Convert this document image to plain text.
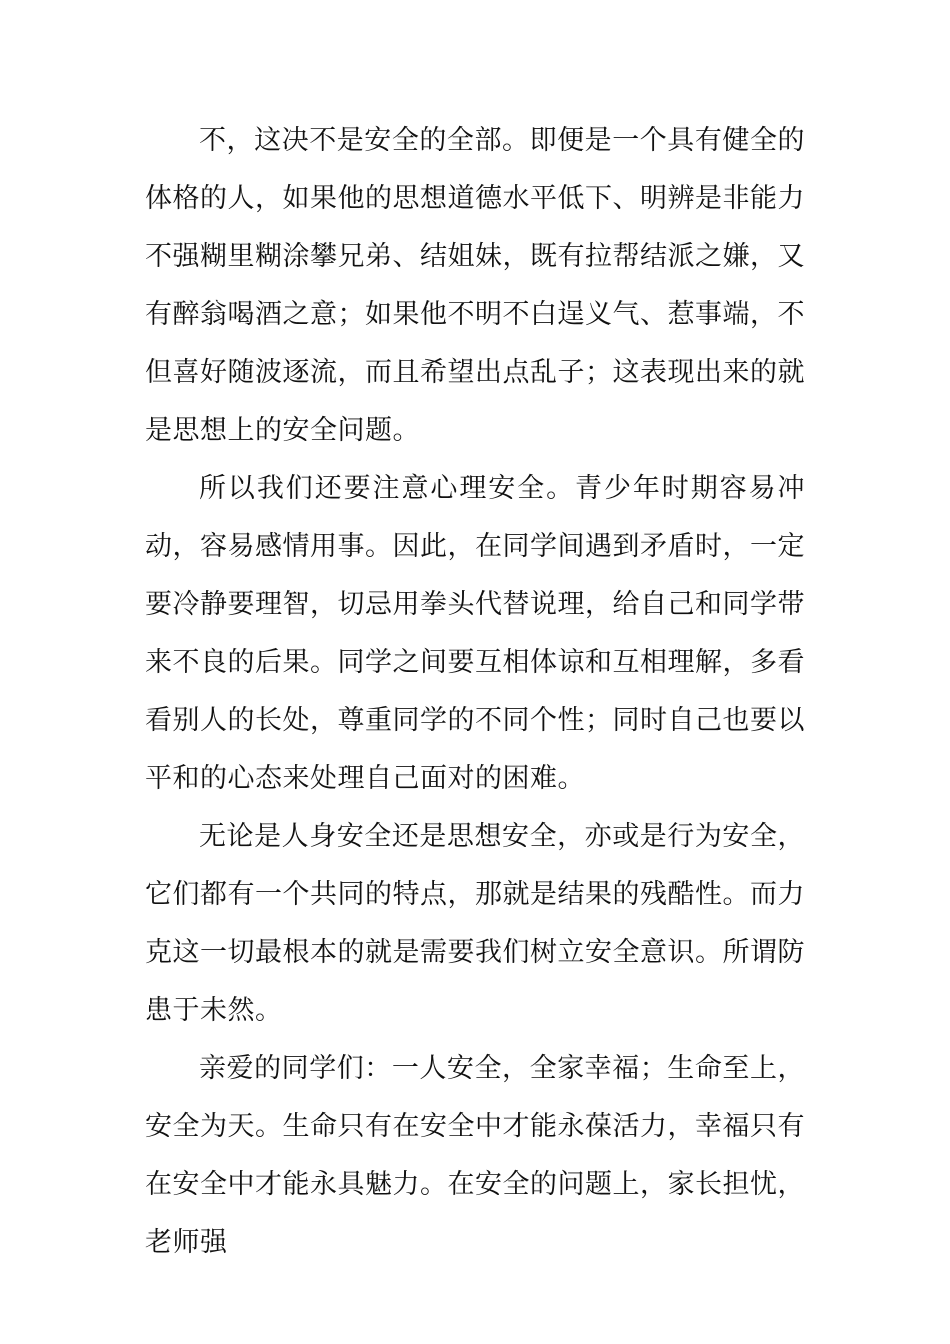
不，这决不是安全的全部。即便是一个具有健全的体格的人，如果他的思想道德水平低下、明辨是非能力不强糊里糊涂攀兄弟、结姐妹，既有拉帮结派之嫌，又有醉翁喝酒之意；如果他不明不白逞义气、惹事端，不但喜好随波逐流，而且希望出点乱子；这表现出来的就是思想上的安全问题。

所以我们还要注意心理安全。青少年时期容易冲动，容易感情用事。因此，在同学间遇到矛盾时，一定要冷静要理智，切忌用拳头代替说理，给自己和同学带来不良的后果。同学之间要互相体谅和互相理解，多看看别人的长处，尊重同学的不同个性；同时自己也要以平和的心态来处理自己面对的困难。

无论是人身安全还是思想安全，亦或是行为安全，它们都有一个共同的特点，那就是结果的残酷性。而力克这一切最根本的就是需要我们树立安全意识。所谓防患于未然。

亲爱的同学们：一人安全，全家幸福；生命至上，安全为天。生命只有在安全中才能永葆活力，幸福只有在安全中才能永具魅力。在安全的问题上，家长担忧，老师强
